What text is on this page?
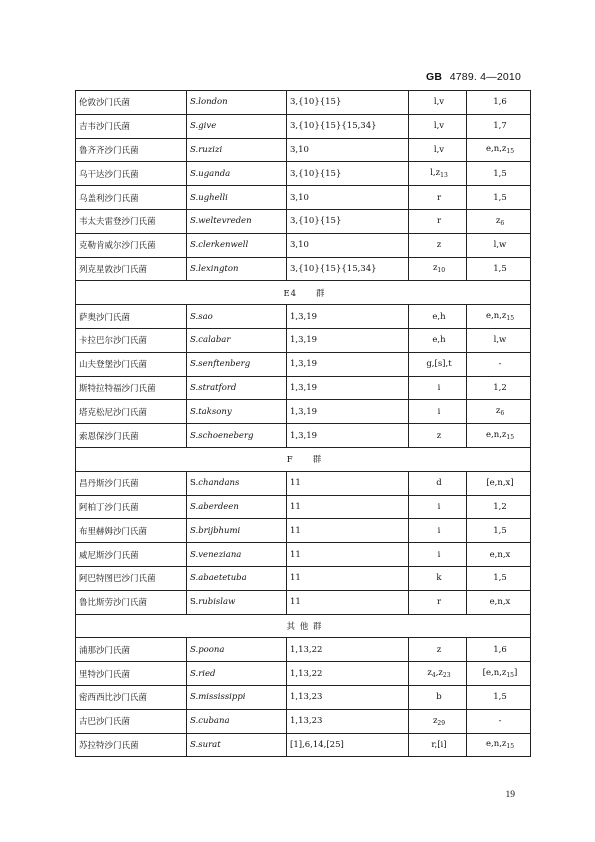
GB 4789. 4—2010
伦敦沙门氏菌	S.london	3,{10}{15}	l,v	1,6
吉韦沙门氏菌	S.give	3,{10}{15}{15,34}	l,v	1,7
鲁齐齐沙门氏菌	S.ruzizi	3,10	l,v	$e,n,z_{15}$
乌干达沙门氏菌	S.uganda	3,{10}{15}	$l,z_{13}$	1,5
乌盖利沙门氏菌	S.ughelli	3,10	r	1,5
韦太夫雷登沙门氏菌	S.weltevreden	3,{10}{15}	r	$z_6$
克勒肯威尔沙门氏菌	S.clerkenwell	3,10	z	l,w
列克星敦沙门氏菌	S.lexington	3,{10}{15}{15,34}	$z_{10}$	1,5
E4　　群				
萨奥沙门氏菌	S.sao	1,3,19	e,h	$e,n,z_{15}$
卡拉巴尔沙门氏菌	S.calabar	1,3,19	e,h	l,w
山夫登堡沙门氏菌	S.senftenberg	1,3,19	g,[s],t	-
斯特拉特福沙门氏菌	S.stratford	1,3,19	i	1,2
塔克松尼沙门氏菌	S.taksony	1,3,19	i	$z_6$
索恩保沙门氏菌	S.schoeneberg	1,3,19	z	$e,n,z_{15}$
F　　群				
昌丹斯沙门氏菌	S.chandans	11	d	[e,n,x]
阿柏丁沙门氏菌	S.aberdeen	11	i	1,2
布里赫姆沙门氏菌	S.brijbhumi	11	i	1,5
威尼斯沙门氏菌	S.veneziana	11	i	e,n,x
阿巴特图巴沙门氏菌	S.abaetetuba	11	k	1,5
鲁比斯劳沙门氏菌	S.rubislaw	11	r	e,n,x
其 他 群				
浦那沙门氏菌	S.poona	1,13,22	z	1,6
里特沙门氏菌	S.ried	1,13,22	$z_4,z_{23}$	$[e,n,z_{15}]$
密西西比沙门氏菌	S.mississippi	1,13,23	b	1,5
古巴沙门氏菌	S.cubana	1,13,23	$z_{29}$	-
苏拉特沙门氏菌	S.surat	[1],6,14,[25]	r,[i]	$e,n,z_{15}$
19
